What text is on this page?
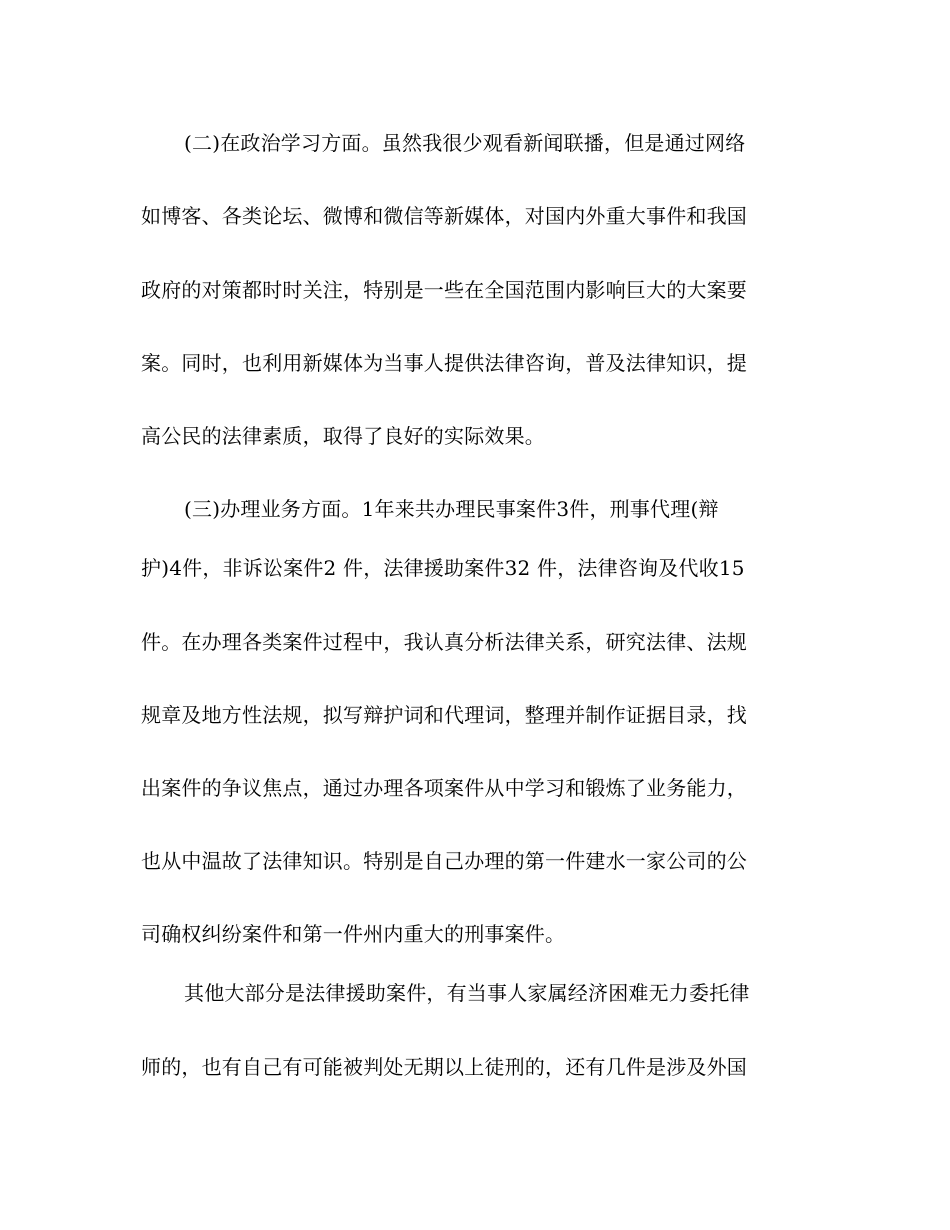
(二)在政治学习方面。虽然我很少观看新闻联播，但是通过网络
如博客、各类论坛、微博和微信等新媒体，对国内外重大事件和我国
政府的对策都时时关注，特别是一些在全国范围内影响巨大的大案要
案。同时，也利用新媒体为当事人提供法律咨询，普及法律知识，提
高公民的法律素质，取得了良好的实际效果。
(三)办理业务方面。1年来共办理民事案件3件，刑事代理(辩
护)4件，非诉讼案件2 件，法律援助案件32 件，法律咨询及代收15
件。在办理各类案件过程中，我认真分析法律关系，研究法律、法规
规章及地方性法规，拟写辩护词和代理词，整理并制作证据目录，找
出案件的争议焦点，通过办理各项案件从中学习和锻炼了业务能力，
也从中温故了法律知识。特别是自己办理的第一件建水一家公司的公
司确权纠纷案件和第一件州内重大的刑事案件。
其他大部分是法律援助案件，有当事人家属经济困难无力委托律
师的，也有自己有可能被判处无期以上徒刑的，还有几件是涉及外国
